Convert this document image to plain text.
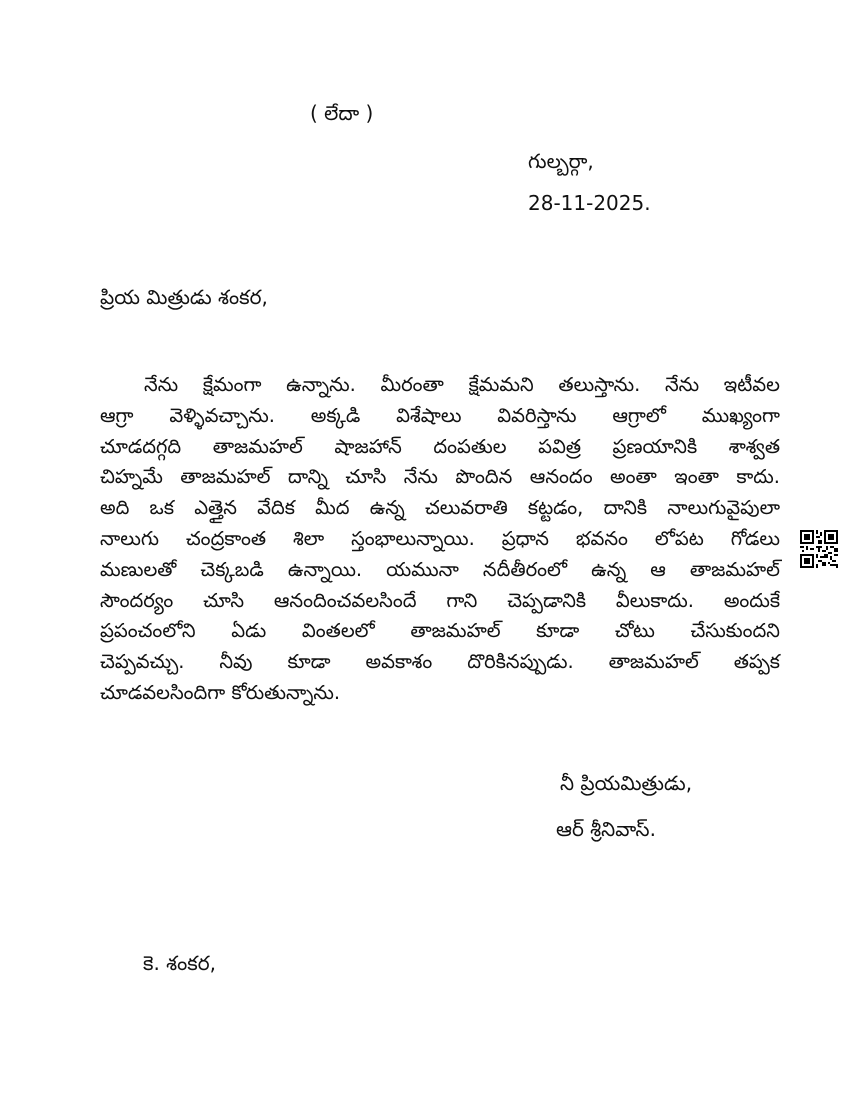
( లేదా )
గుల్బర్గా,
28-11-2025.
ప్రియ మిత్రుడు శంకర,
నేను క్షేమంగా ఉన్నాను. మీరంతా క్షేమమని తలుస్తాను. నేను ఇటీవల
ఆగ్రా వెళ్ళివచ్చాను. అక్కడి విశేషాలు వివరిస్తాను ఆగ్రాలో ముఖ్యంగా
చూడదగ్గది తాజమహల్ షాజహాన్ దంపతుల పవిత్ర ప్రణయానికి శాశ్వత
చిహ్నమే తాజమహల్ దాన్ని చూసి నేను పొందిన ఆనందం అంతా ఇంతా కాదు.
అది ఒక ఎత్తైన వేదిక మీద ఉన్న చలువరాతి కట్టడం, దానికి నాలుగువైపులా
నాలుగు చంద్రకాంత శిలా స్తంభాలున్నాయి. ప్రధాన భవనం లోపట గోడలు
మణులతో చెక్కబడి ఉన్నాయి. యమునా నదీతీరంలో ఉన్న ఆ తాజమహల్
సౌందర్యం చూసి ఆనందించవలసిందే గాని చెప్పడానికి వీలుకాదు. అందుకే
ప్రపంచంలోని ఏడు వింతలలో తాజమహల్ కూడా చోటు చేసుకుందని
చెప్పవచ్చు. నీవు కూడా అవకాశం దొరికినప్పుడు. తాజమహల్ తప్పక
చూడవలసిందిగా కోరుతున్నాను.
నీ ప్రియమిత్రుడు,
ఆర్ శ్రీనివాస్.
కె. శంకర,
